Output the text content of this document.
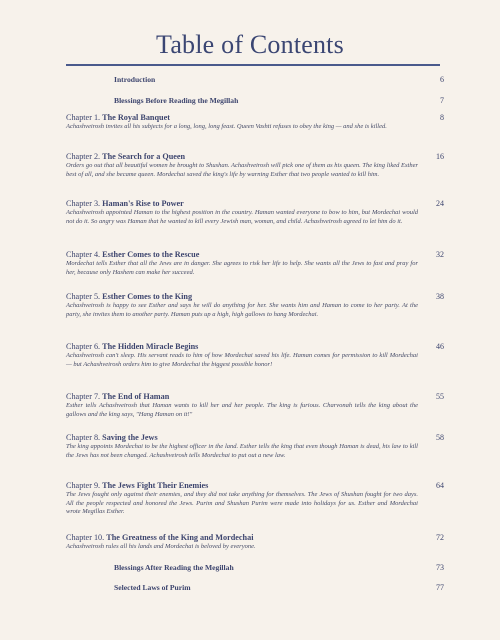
Table of Contents
Introduction	6
Blessings Before Reading the Megillah	7
Chapter 1. The Royal Banquet	8
Achashveirosh invites all his subjects for a long, long, long feast. Queen Vashti refuses to obey the king — and she is killed.
Chapter 2. The Search for a Queen	16
Orders go out that all beautiful women be brought to Shushan. Achashveirosh will pick one of them as his queen. The king liked Esther best of all, and she became queen. Mordechai saved the king's life by warning Esther that two people wanted to kill him.
Chapter 3. Haman's Rise to Power	24
Achashveirosh appointed Haman to the highest position in the country. Haman wanted everyone to bow to him, but Mordechai would not do it. So angry was Haman that he wanted to kill every Jewish man, woman, and child. Achashveirosh agreed to let him do it.
Chapter 4. Esther Comes to the Rescue	32
Mordechai tells Esther that all the Jews are in danger. She agrees to risk her life to help. She wants all the Jews to fast and pray for her, because only Hashem can make her succeed.
Chapter 5. Esther Comes to the King	38
Achashveirosh is happy to see Esther and says he will do anything for her. She wants him and Haman to come to her party. At the party, she invites them to another party. Haman puts up a high, high gallows to hang Mordechai.
Chapter 6. The Hidden Miracle Begins	46
Achashveirosh can't sleep. His servant reads to him of how Mordechai saved his life. Haman comes for permission to kill Mordechai — but Achashveirosh orders him to give Mordechai the biggest possible honor!
Chapter 7. The End of Haman	55
Esther tells Achashveirosh that Haman wants to kill her and her people. The king is furious. Charvonah tells the king about the gallows and the king says, "Hang Haman on it!"
Chapter 8. Saving the Jews	58
The king appoints Mordechai to be the highest officer in the land. Esther tells the king that even though Haman is dead, his law to kill the Jews has not been changed. Achashveirosh tells Mordechai to put out a new law.
Chapter 9. The Jews Fight Their Enemies	64
The Jews fought only against their enemies, and they did not take anything for themselves. The Jews of Shushan fought for two days. All the people respected and honored the Jews. Purim and Shushan Purim were made into holidays for us. Esther and Mordechai wrote Megillas Esther.
Chapter 10. The Greatness of the King and Mordechai	72
Achashveirosh rules all his lands and Mordechai is beloved by everyone.
Blessings After Reading the Megillah	73
Selected Laws of Purim	77
